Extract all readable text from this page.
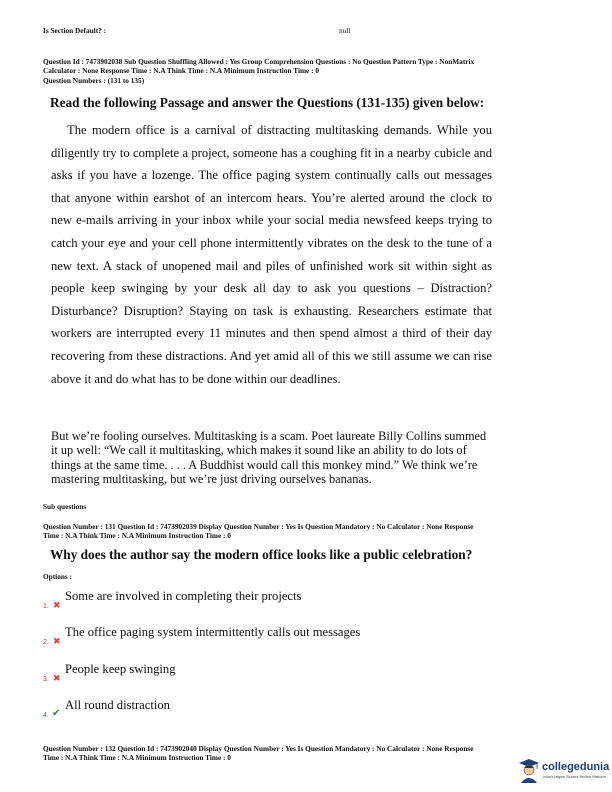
Is Section Default? :	null
Question Id : 7473902038 Sub Question Shuffling Allowed : Yes Group Comprehension Questions : No Question Pattern Type : NonMatrix
Calculator : None Response Time : N.A Think Time : N.A Minimum Instruction Time : 0
Question Numbers : (131 to 135)
Read the following Passage and answer the Questions (131-135) given below:

The modern office is a carnival of distracting multitasking demands. While you diligently try to complete a project, someone has a coughing fit in a nearby cubicle and asks if you have a lozenge. The office paging system continually calls out messages that anyone within earshot of an intercom hears. You’re alerted around the clock to new e-mails arriving in your inbox while your social media newsfeed keeps trying to catch your eye and your cell phone intermittently vibrates on the desk to the tune of a new text. A stack of unopened mail and piles of unfinished work sit within sight as people keep swinging by your desk all day to ask you questions – Distraction? Disturbance? Disruption? Staying on task is exhausting. Researchers estimate that workers are interrupted every 11 minutes and then spend almost a third of their day recovering from these distractions. And yet amid all of this we still assume we can rise above it and do what has to be done within our deadlines.

But we’re fooling ourselves. Multitasking is a scam. Poet laureate Billy Collins summed it up well: “We call it multitasking, which makes it sound like an ability to do lots of things at the same time. . . . A Buddhist would call this monkey mind.” We think we’re mastering multitasking, but we’re just driving ourselves bananas.

Sub questions
Question Number : 131 Question Id : 7473902039 Display Question Number : Yes Is Question Mandatory : No Calculator : None Response
Time : N.A Think Time : N.A Minimum Instruction Time : 0
Why does the author say the modern office looks like a public celebration?
Options :
1. ✖
Some are involved in completing their projects
2. ✖
The office paging system intermittently calls out messages
3. ✖
People keep swinging
4. ✔
All round distraction
Question Number : 132 Question Id : 7473902040 Display Question Number : Yes Is Question Mandatory : No Calculator : None Response
Time : N.A Think Time : N.A Minimum Instruction Time : 0
collegedunia
India's largest Student Review Platform
